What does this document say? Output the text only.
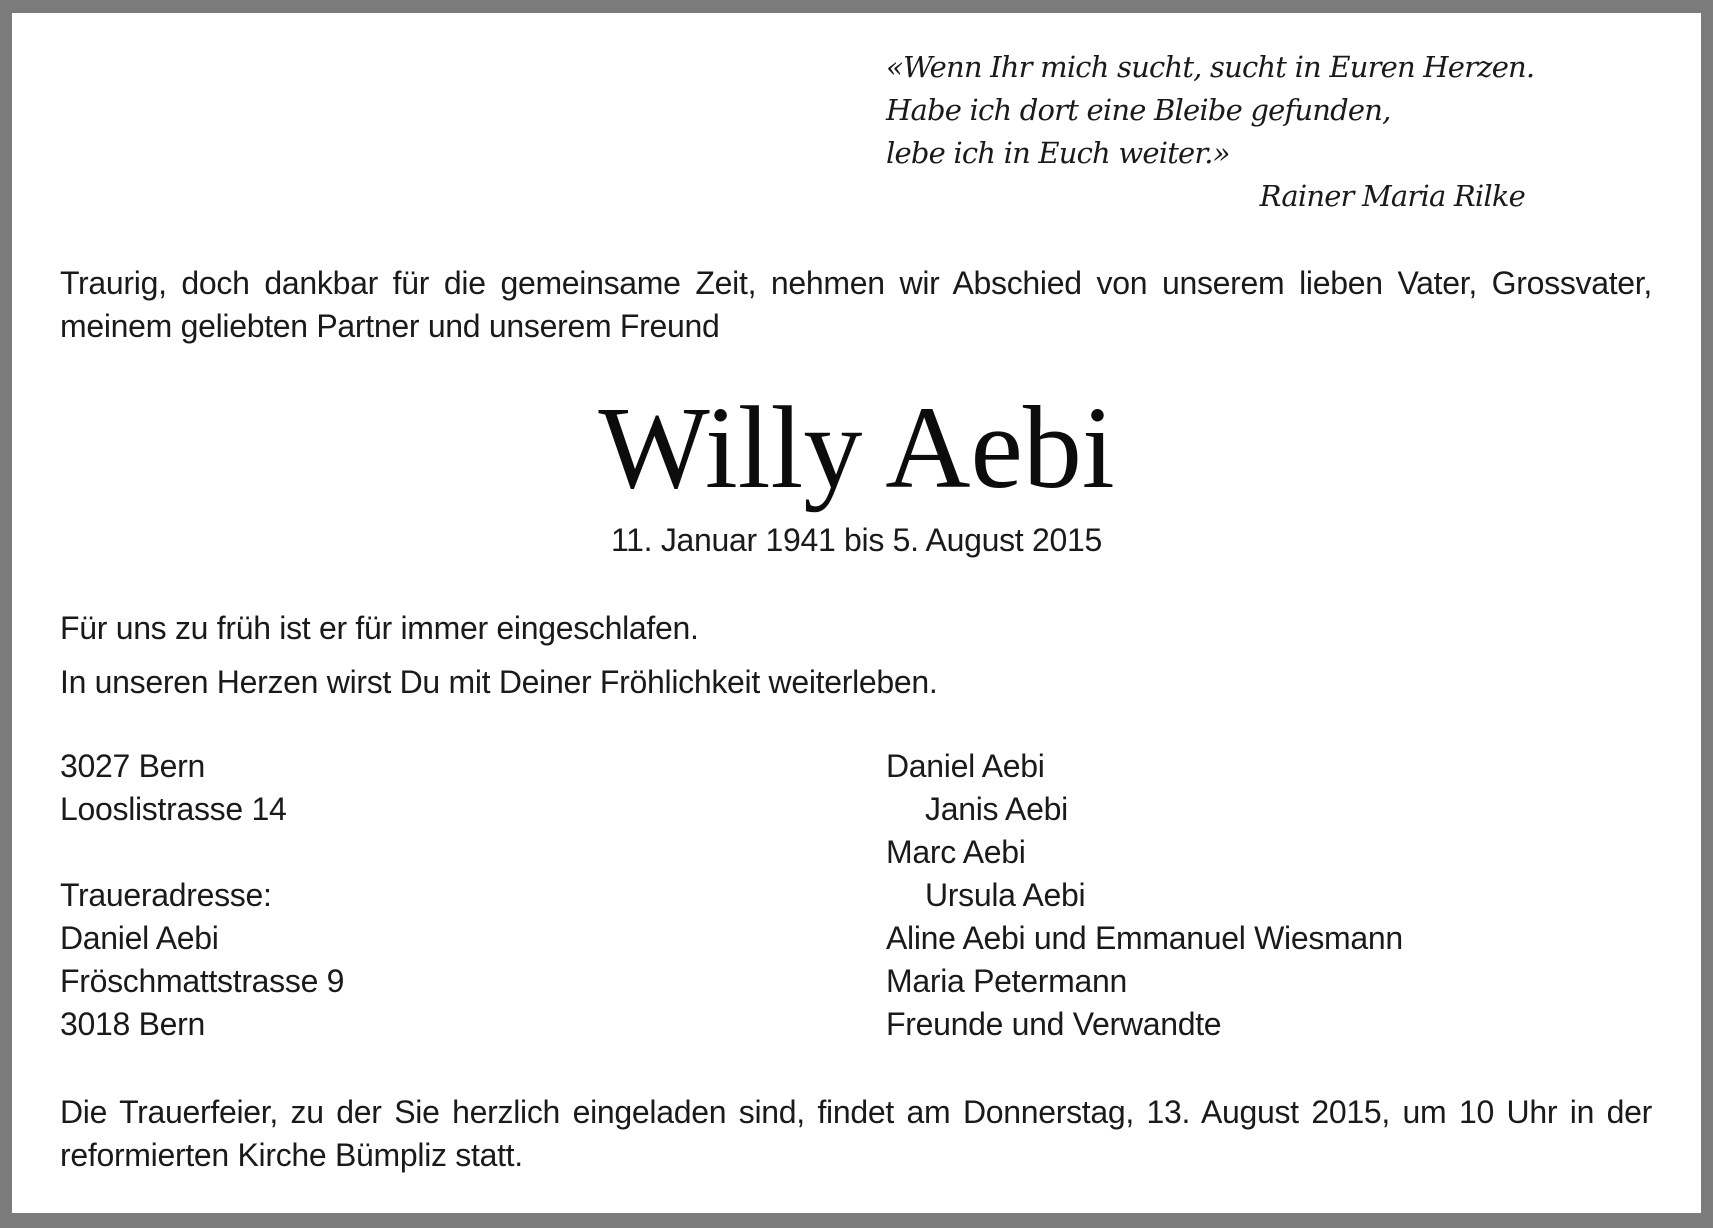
«Wenn Ihr mich sucht, sucht in Euren Herzen.

Habe ich dort eine Bleibe gefunden,

lebe ich in Euch weiter.»

Rainer Maria Rilke

Traurig, doch dankbar für die gemeinsame Zeit, nehmen wir Abschied von unserem lieben Vater, Grossvater, meinem geliebten Partner und unserem Freund

Willy Aebi

11. Januar 1941 bis 5. August 2015

Für uns zu früh ist er für immer eingeschlafen.

In unseren Herzen wirst Du mit Deiner Fröhlichkeit weiterleben.

3027 Bern

Looslistrasse 14

Traueradresse:

Daniel Aebi

Fröschmattstrasse 9

3018 Bern

Daniel Aebi

Janis Aebi

Marc Aebi

Ursula Aebi

Aline Aebi und Emmanuel Wiesmann

Maria Petermann

Freunde und Verwandte

Die Trauerfeier, zu der Sie herzlich eingeladen sind, findet am Donnerstag, 13. August 2015, um 10 Uhr in der reformierten Kirche Bümpliz statt.
